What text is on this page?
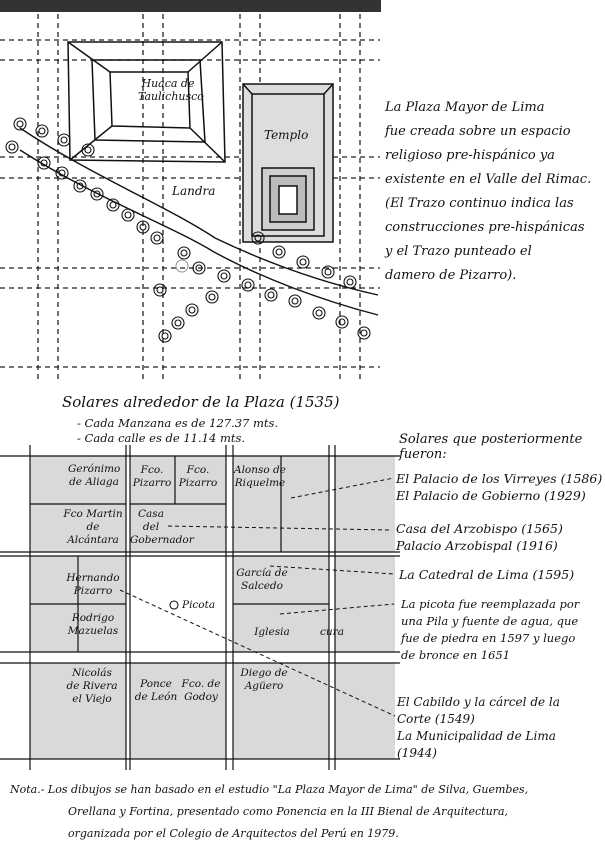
Huaca de Taulichusco
Templo
Landra
La Plaza Mayor de Lima
fue creada sobre un espacio
religioso pre-hispánico ya
existente en el Valle del Rimac.
(El Trazo continuo indica las
construcciones pre-hispánicas
y el Trazo punteado el
damero de Pizarro).
Solares alrededor de la Plaza (1535)
- Cada Manzana es de 127.37 mts.
- Cada calle es de 11.14 mts.
Gerónimo de Aliaga
Fco. Pizarro
Fco. Pizarro
Alonso de Riquelme
Fco Martin de Alcántara
Casa del Gobernador
Hernando Pizarro
Rodrigo Mazuelas
Picota
García de Salcedo
Iglesia	cura
Nicolás de Rivera el Viejo
Ponce de León
Fco. de Godoy
Diego de Agüero
Solares que posteriormente fueron:
El Palacio de los Virreyes (1586)
El Palacio de Gobierno (1929)
Casa del Arzobispo (1565)
Palacio Arzobispal (1916)
La Catedral de Lima (1595)
La picota fue reemplazada por
una Pila y fuente de agua, que
fue de piedra en 1597 y luego
de bronce en 1651
El Cabildo y la cárcel de la
Corte (1549)
La Municipalidad de Lima
(1944)
Nota.- Los dibujos se han basado en el estudio "La Plaza Mayor de Lima" de Silva, Guembes,
Orellana y Fortina, presentado como Ponencia en la III Bienal de Arquitectura,
organizada por el Colegio de Arquitectos del Perú en 1979.
